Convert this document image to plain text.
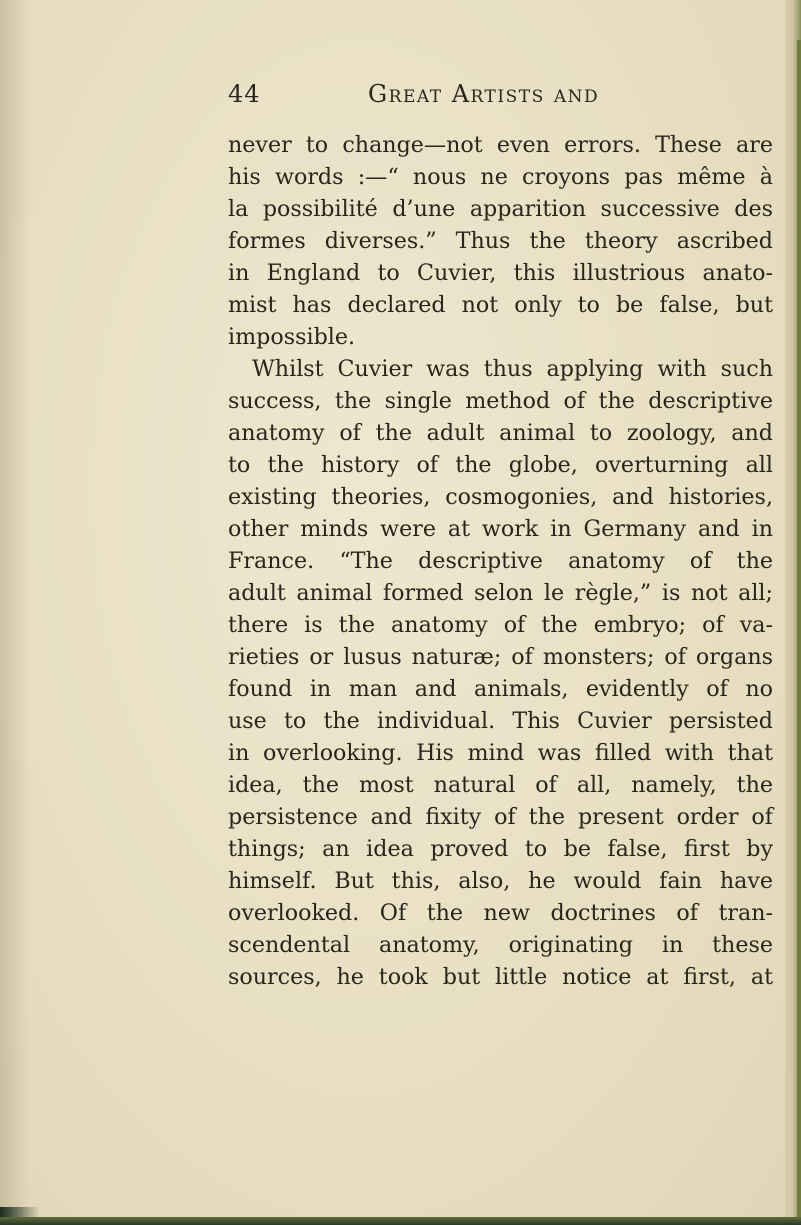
44	Great Artists and
never to change—not even errors. These are
his words :—“ nous ne croyons pas même à
la possibilité d’une apparition successive des
formes diverses.” Thus the theory ascribed
in England to Cuvier, this illustrious anato-
mist has declared not only to be false, but
impossible.
Whilst Cuvier was thus applying with such
success, the single method of the descriptive
anatomy of the adult animal to zoology, and
to the history of the globe, overturning all
existing theories, cosmogonies, and histories,
other minds were at work in Germany and in
France. “The descriptive anatomy of the
adult animal formed selon le règle,” is not all;
there is the anatomy of the embryo; of va-
rieties or lusus naturæ; of monsters; of organs
found in man and animals, evidently of no
use to the individual. This Cuvier persisted
in overlooking. His mind was filled with that
idea, the most natural of all, namely, the
persistence and fixity of the present order of
things; an idea proved to be false, first by
himself. But this, also, he would fain have
overlooked. Of the new doctrines of tran-
scendental anatomy, originating in these
sources, he took but little notice at first, at
